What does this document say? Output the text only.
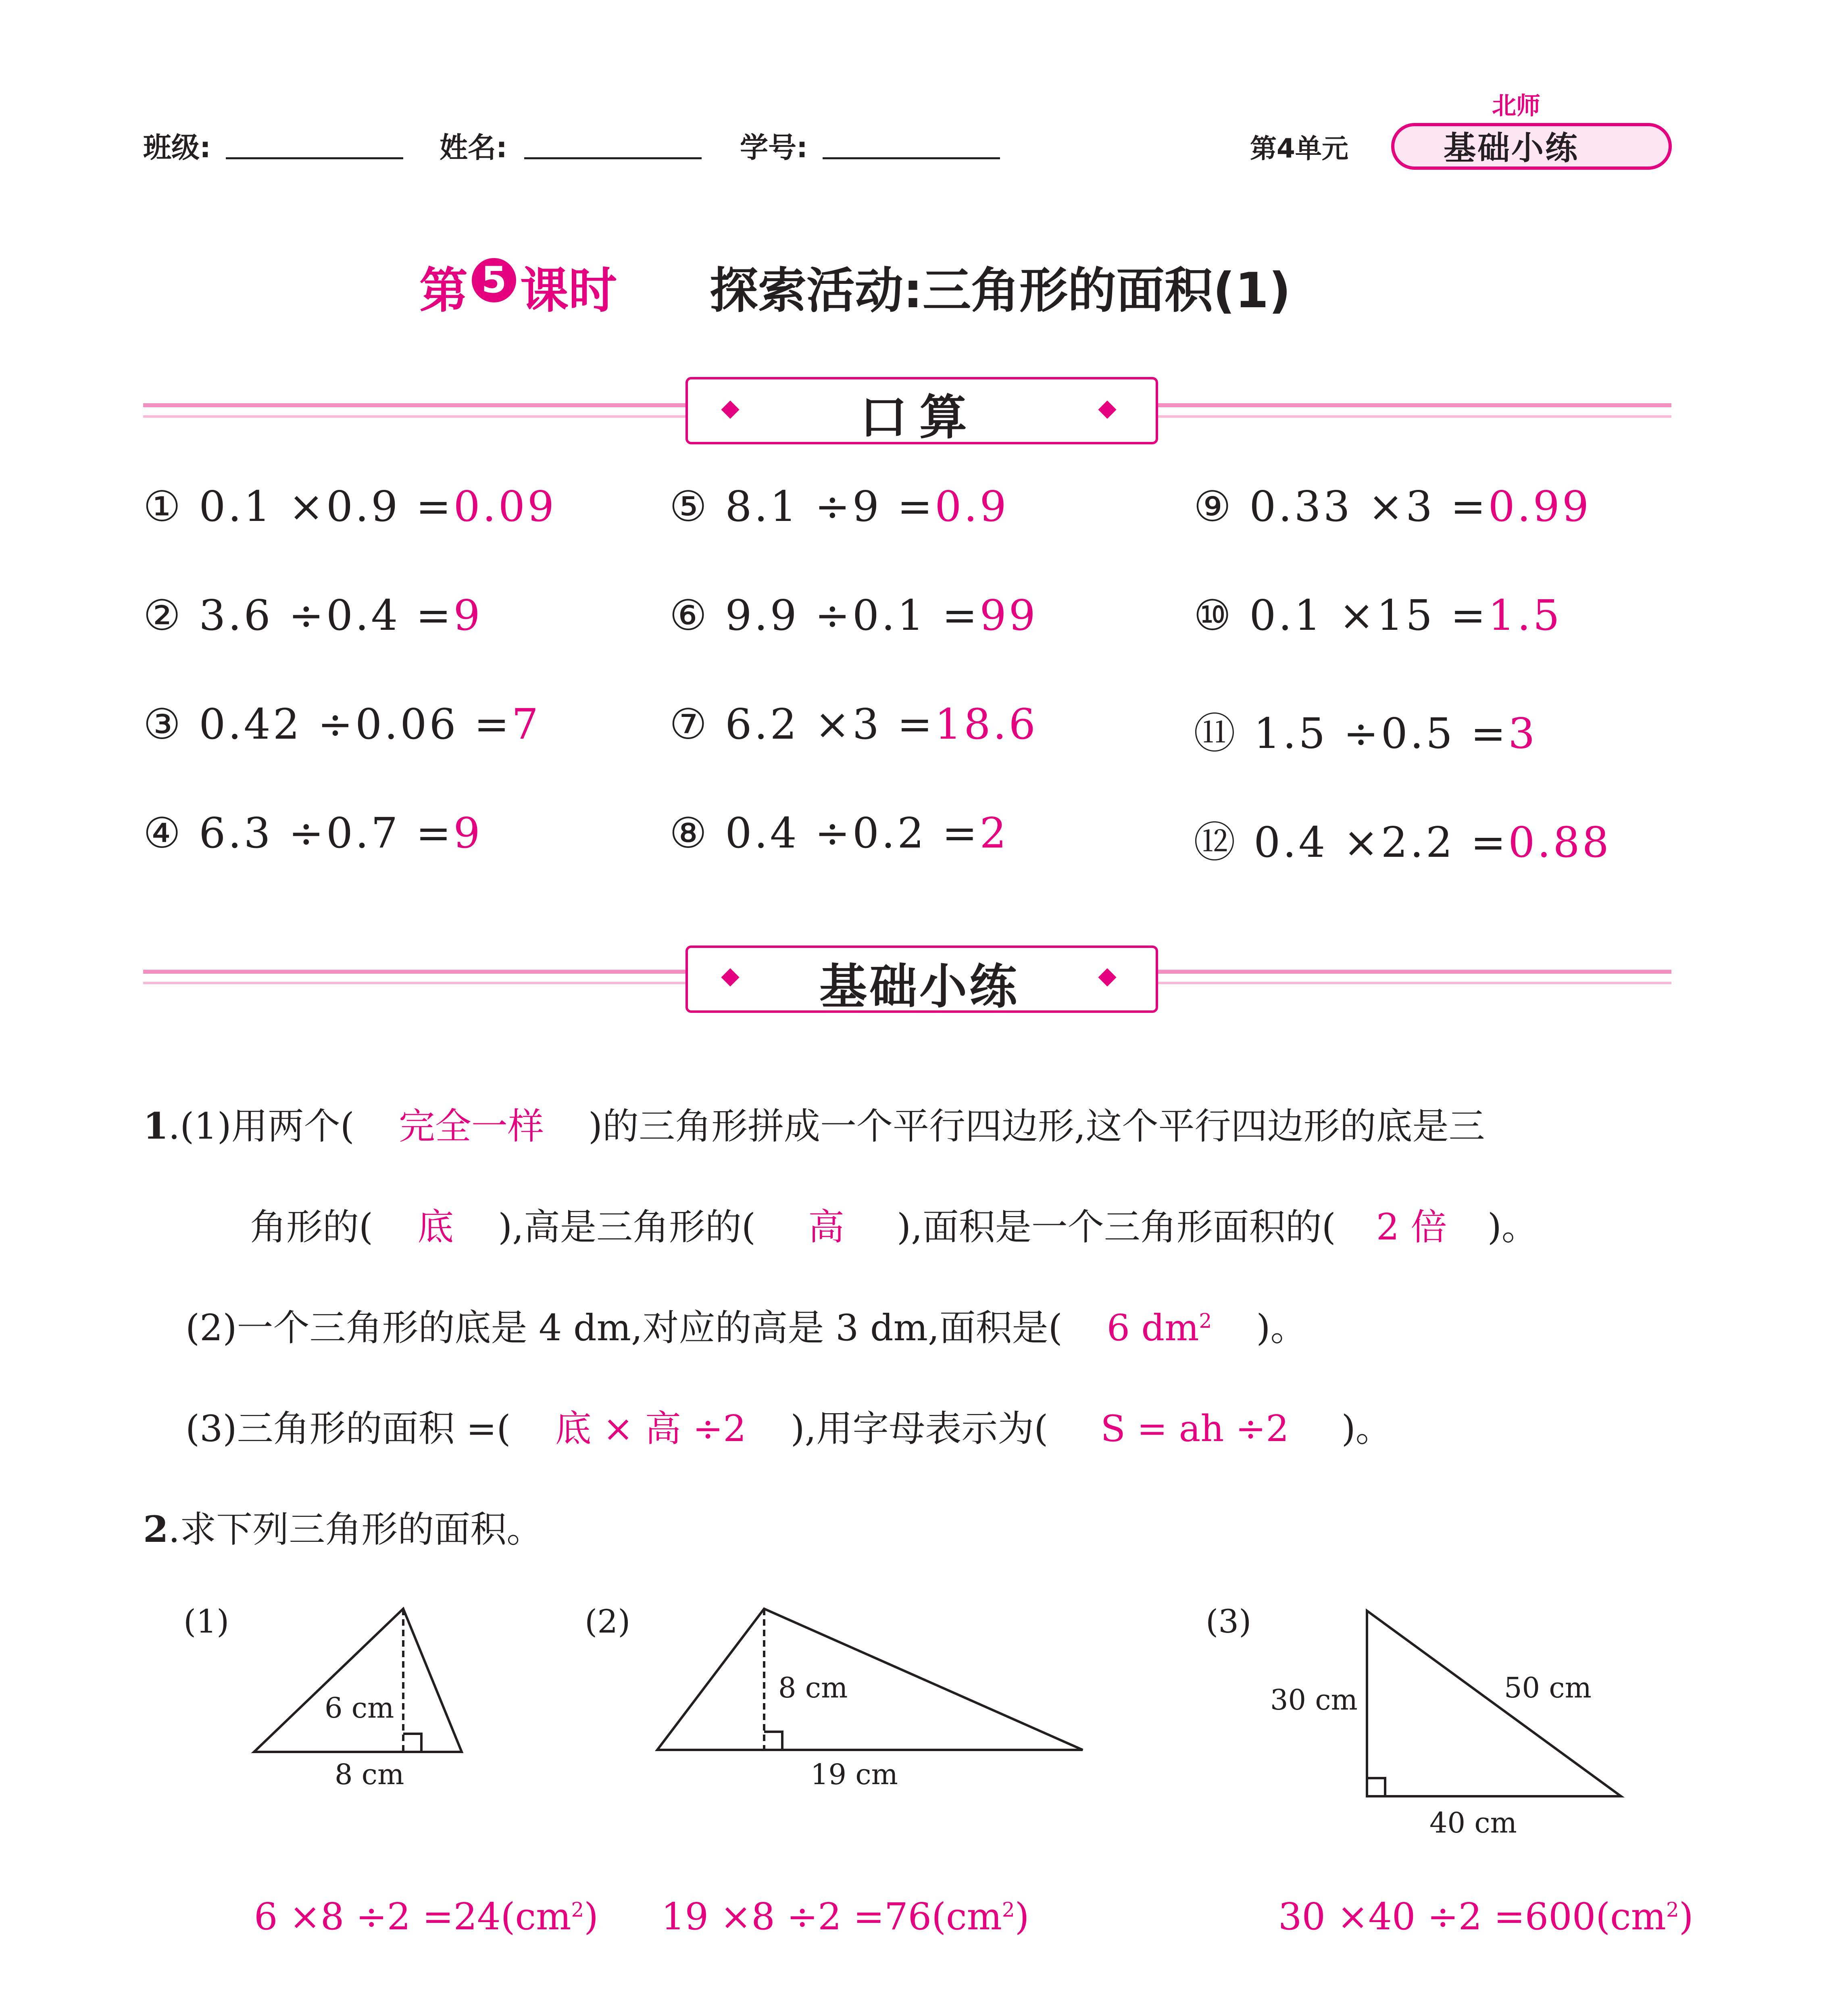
班级:	姓名:	学号:	第4单元
北师
基础小练
第 5 课时 探索活动:三角形的面积(1)
口算
① 0.1 ×0.9 =0.09
② 3.6 ÷0.4 =9
③ 0.42 ÷0.06 =7
④ 6.3 ÷0.7 =9
⑤ 8.1 ÷9 =0.9
⑥ 9.9 ÷0.1 =99
⑦ 6.2 ×3 =18.6
⑧ 0.4 ÷0.2 =2
⑨ 0.33 ×3 =0.99
⑩ 0.1 ×15 =1.5
⑪ 1.5 ÷0.5 =3
⑫ 0.4 ×2.2 =0.88
基础小练
1.(1)用两个( 完全一样 )的三角形拼成一个平行四边形,这个平行四边形的底是三
角形的( 底 ),高是三角形的( 高 ),面积是一个三角形面积的( 2 倍 )。
(2)一个三角形的底是 4 dm,对应的高是 3 dm,面积是( 6 $dm^2$ )。
(3)三角形的面积 =( 底 × 高 ÷2 ),用字母表示为( S = ah ÷2 )。
2.求下列三角形的面积。
(1)	(2)	(3)
6 cm
8 cm
8 cm
19 cm
30 cm	50 cm
40 cm
$6 \times 8 \div 2 =24(cm^2)$ $19 \times 8 \div 2 =76(cm^2)$	$30 \times 40 \div 2 =600(cm^2)$
